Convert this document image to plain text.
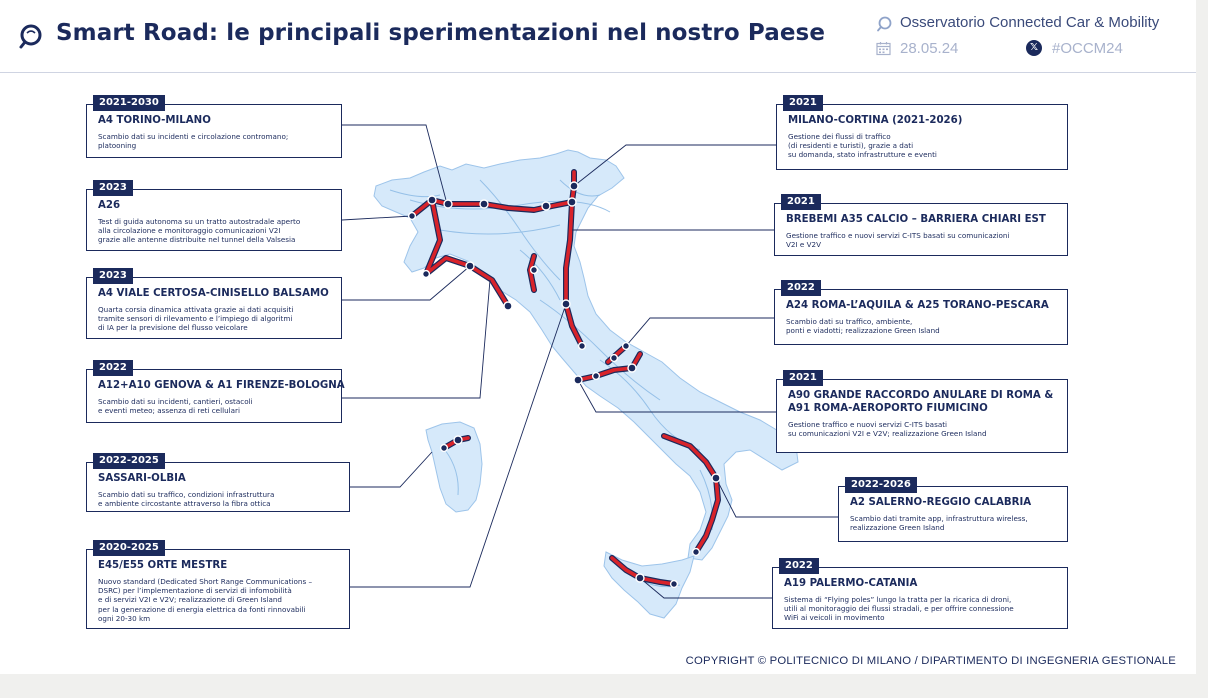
Smart Road: le principali sperimentazioni nel nostro Paese	Osservatorio Connected Car & Mobility
28.05.24	𝕏 #OCCM24
2021-2030
A4 TORINO-MILANO
Scambio dati su incidenti e circolazione contromano;
platooning
2023
A26
Test di guida autonoma su un tratto autostradale aperto
alla circolazione e monitoraggio comunicazioni V2I
grazie alle antenne distribuite nel tunnel della Valsesia
2023
A4 VIALE CERTOSA-CINISELLO BALSAMO
Quarta corsia dinamica attivata grazie ai dati acquisiti
tramite sensori di rilevamento e l’impiego di algoritmi
di IA per la previsione del flusso veicolare
2022
A12+A10 GENOVA & A1 FIRENZE-BOLOGNA
Scambio dati su incidenti, cantieri, ostacoli
e eventi meteo; assenza di reti cellulari
2022-2025
SASSARI-OLBIA
Scambio dati su traffico, condizioni infrastruttura
e ambiente circostante attraverso la fibra ottica
2020-2025
E45/E55 ORTE MESTRE
Nuovo standard (Dedicated Short Range Communications –
DSRC) per l’implementazione di servizi di infomobilità
e di servizi V2I e V2V; realizzazione di Green Island
per la generazione di energia elettrica da fonti rinnovabili
ogni 20-30 km
2021
MILANO-CORTINA (2021-2026)
Gestione dei flussi di traffico
(di residenti e turisti), grazie a dati
su domanda, stato infrastrutture e eventi
2021
BREBEMI A35 CALCIO – BARRIERA CHIARI EST
Gestione traffico e nuovi servizi C-ITS basati su comunicazioni
V2I e V2V
2022
A24 ROMA-L’AQUILA & A25 TORANO-PESCARA
Scambio dati su traffico, ambiente,
ponti e viadotti; realizzazione Green Island
2021
A90 GRANDE RACCORDO ANULARE DI ROMA &
A91 ROMA-AEROPORTO FIUMICINO
Gestione traffico e nuovi servizi C-ITS basati
su comunicazioni V2I e V2V; realizzazione Green Island
2022-2026
A2 SALERNO-REGGIO CALABRIA
Scambio dati tramite app, infrastruttura wireless,
realizzazione Green Island
2022
A19 PALERMO-CATANIA
Sistema di “Flying poles” lungo la tratta per la ricarica di droni,
utili al monitoraggio dei flussi stradali, e per offrire connessione
WiFi ai veicoli in movimento
COPYRIGHT © POLITECNICO DI MILANO / DIPARTIMENTO DI INGEGNERIA GESTIONALE
